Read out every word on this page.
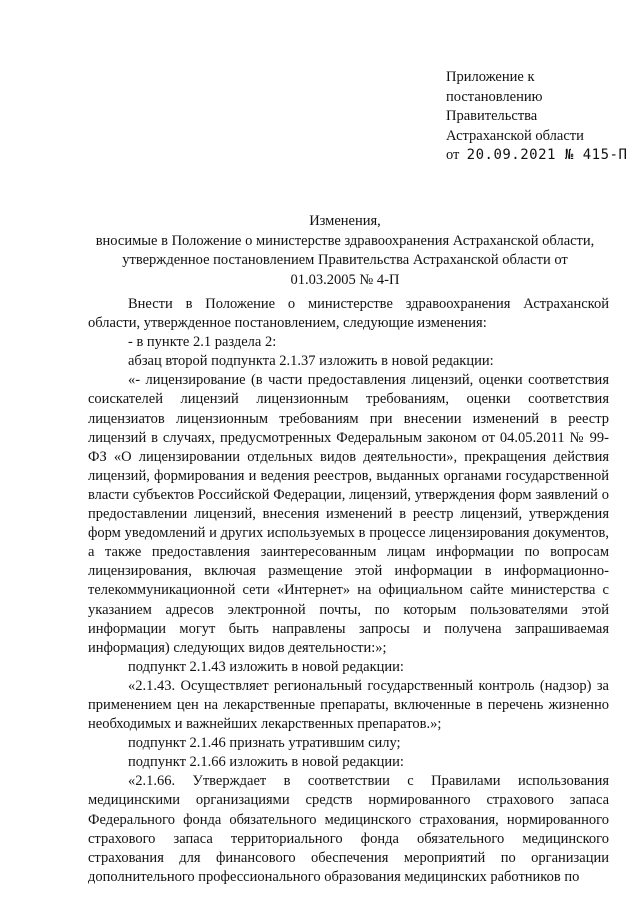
Приложение к
постановлению
Правительства
Астраханской области
от 20.09.2021 № 415-П
Изменения,
вносимые в Положение о министерстве здравоохранения Астраханской области,
утвержденное постановлением Правительства Астраханской области от
01.03.2005 № 4-П

Внести в Положение о министерстве здравоохранения Астраханской области, утвержденное постановлением, следующие изменения:

- в пункте 2.1 раздела 2:

абзац второй подпункта 2.1.37 изложить в новой редакции:

«- лицензирование (в части предоставления лицензий, оценки соответствия соискателей лицензий лицензионным требованиям, оценки соответствия лицензиатов лицензионным требованиям при внесении изменений в реестр лицензий в случаях, предусмотренных Федеральным законом от 04.05.2011 № 99-ФЗ «О лицензировании отдельных видов деятельности», прекращения действия лицензий, формирования и ведения реестров, выданных органами государственной власти субъектов Российской Федерации, лицензий, утверждения форм заявлений о предоставлении лицензий, внесения изменений в реестр лицензий, утверждения форм уведомлений и других используемых в процессе лицензирования документов, а также предоставления заинтересованным лицам информации по вопросам лицензирования, включая размещение этой информации в информационно-телекоммуникационной сети «Интернет» на официальном сайте министерства с указанием адресов электронной почты, по которым пользователями этой информации могут быть направлены запросы и получена запрашиваемая информация) следующих видов деятельности:»;

подпункт 2.1.43 изложить в новой редакции:

«2.1.43. Осуществляет региональный государственный контроль (надзор) за применением цен на лекарственные препараты, включенные в перечень жизненно необходимых и важнейших лекарственных препаратов.»;

подпункт 2.1.46 признать утратившим силу;

подпункт 2.1.66 изложить в новой редакции:

«2.1.66. Утверждает в соответствии с Правилами использования медицинскими организациями средств нормированного страхового запаса Федерального фонда обязательного медицинского страхования, нормированного страхового запаса территориального фонда обязательного медицинского страхования для финансового обеспечения мероприятий по организации дополнительного профессионального образования медицинских работников по
